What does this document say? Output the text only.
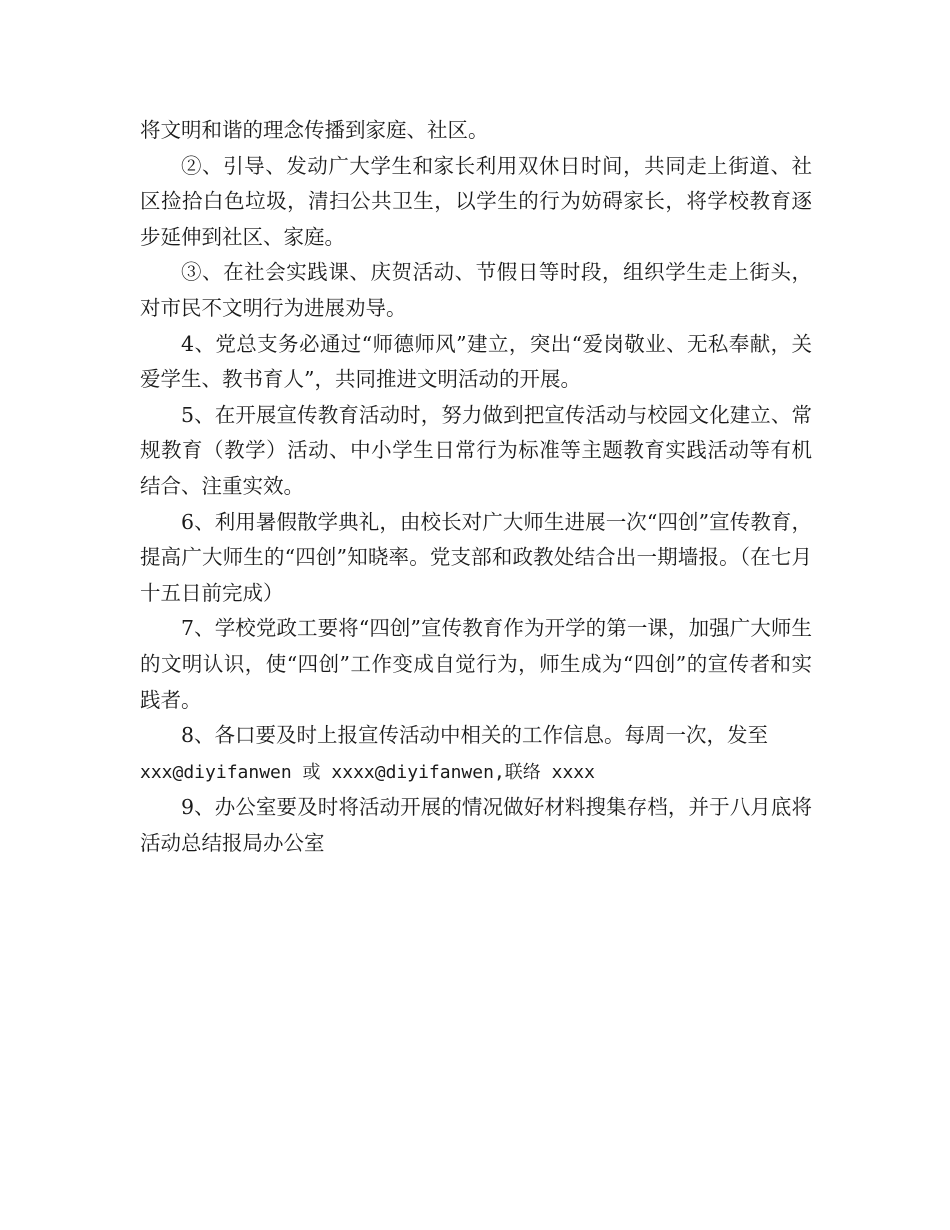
将文明和谐的理念传播到家庭、社区。

②、引导、发动广大学生和家长利用双休日时间，共同走上街道、社区捡拾白色垃圾，清扫公共卫生，以学生的行为妨碍家长，将学校教育逐步延伸到社区、家庭。

③、在社会实践课、庆贺活动、节假日等时段，组织学生走上街头，对市民不文明行为进展劝导。

4、党总支务必通过“师德师风”建立，突出“爱岗敬业、无私奉献，关爱学生、教书育人”，共同推进文明活动的开展。

5、在开展宣传教育活动时，努力做到把宣传活动与校园文化建立、常规教育（教学）活动、中小学生日常行为标准等主题教育实践活动等有机结合、注重实效。

6、利用暑假散学典礼，由校长对广大师生进展一次“四创”宣传教育，提高广大师生的“四创”知晓率。党支部和政教处结合出一期墙报。（在七月十五日前完成）

7、学校党政工要将“四创”宣传教育作为开学的第一课，加强广大师生的文明认识，使“四创”工作变成自觉行为，师生成为“四创”的宣传者和实践者。

8、各口要及时上报宣传活动中相关的工作信息。每周一次，发至
xxx@diyifanwen 或 xxxx@diyifanwen,联络 xxxx

9、办公室要及时将活动开展的情况做好材料搜集存档，并于八月底将活动总结报局办公室
